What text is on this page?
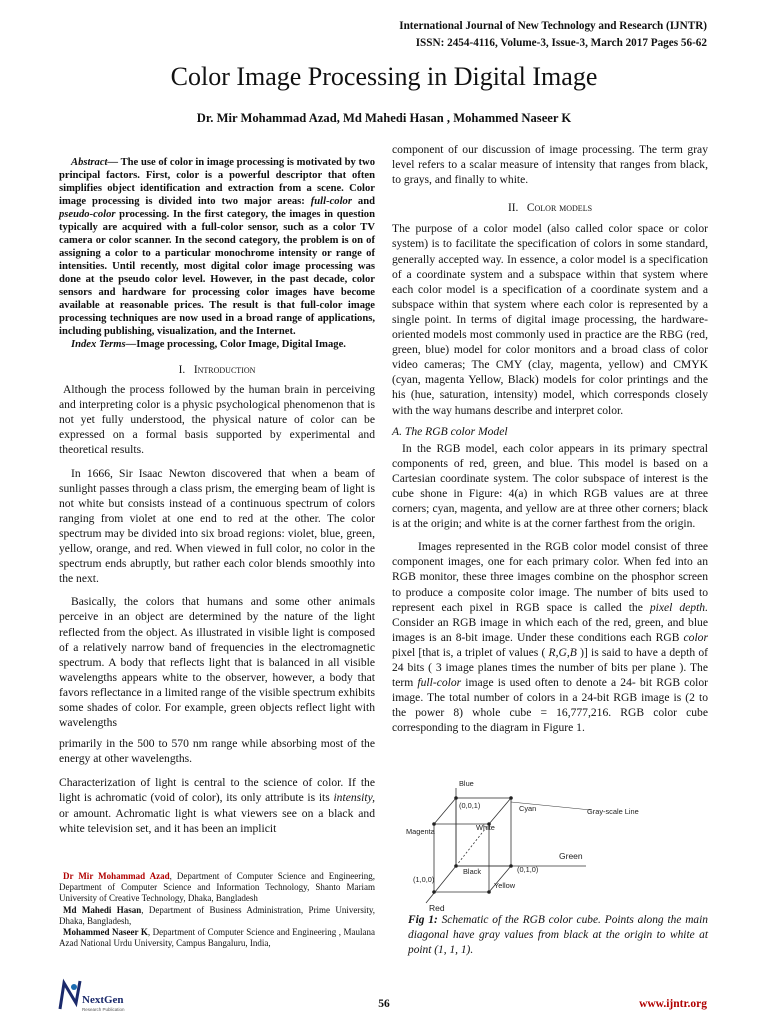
International Journal of New Technology and Research (IJNTR)
ISSN: 2454-4116, Volume-3, Issue-3, March 2017 Pages 56-62
Color Image Processing in Digital Image
Dr. Mir Mohammad Azad, Md Mahedi Hasan , Mohammed Naseer K

Abstract— The use of color in image processing is motivated by two principal factors. First, color is a powerful descriptor that often simplifies object identification and extraction from a scene. Color image processing is divided into two major areas: full-color and pseudo-color processing. In the first category, the images in question typically are acquired with a full-color sensor, such as a color TV camera or color scanner. In the second category, the problem is on of assigning a color to a particular monochrome intensity or range of intensities. Until recently, most digital color image processing was done at the pseudo color level. However, in the past decade, color sensors and hardware for processing color images have become available at reasonable prices. The result is that full-color image processing techniques are now used in a broad range of applications, including publishing, visualization, and the Internet.

Index Terms—Image processing, Color Image, Digital Image.

I. Introduction

Although the process followed by the human brain in perceiving and interpreting color is a physic psychological phenomenon that is not yet fully understood, the physical nature of color can be expressed on a formal basis supported by experimental and theoretical results.

In 1666, Sir Isaac Newton discovered that when a beam of sunlight passes through a class prism, the emerging beam of light is not white but consists instead of a continuous spectrum of colors ranging from violet at one end to red at the other. The color spectrum may be divided into six broad regions: violet, blue, green, yellow, orange, and red. When viewed in full color, no color in the spectrum ends abruptly, but rather each color blends smoothly into the next.

Basically, the colors that humans and some other animals perceive in an object are determined by the nature of the light reflected from the object. As illustrated in visible light is composed of a relatively narrow band of frequencies in the electromagnetic spectrum. A body that reflects light that is balanced in all visible wavelengths appears white to the observer, however, a body that favors reflectance in a limited range of the visible spectrum exhibits some shades of color. For example, green objects reflect light with wavelengths

primarily in the 500 to 570 nm range while absorbing most of the energy at other wavelengths.

Characterization of light is central to the science of color. If the light is achromatic (void of color), its only attribute is its intensity, or amount. Achromatic light is what viewers see on a black and white television set, and it has been an implicit

Dr Mir Mohammad Azad, Department of Computer Science and Engineering, Department of Computer Science and Information Technology, Shanto Mariam University of Creative Technology, Dhaka, Bangladesh

Md Mahedi Hasan, Department of Business Administration, Prime University, Dhaka, Bangladesh,

Mohammed Naseer K, Department of Computer Science and Engineering , Maulana Azad National Urdu University, Campus Bangaluru, India,

component of our discussion of image processing. The term gray level refers to a scalar measure of intensity that ranges from black, to grays, and finally to white.

II. Color models

The purpose of a color model (also called color space or color system) is to facilitate the specification of colors in some standard, generally accepted way. In essence, a color model is a specification of a coordinate system and a subspace within that system where each color model is a specification of a coordinate system and a subspace within that system where each color is represented by a single point. In terms of digital image processing, the hardware-oriented models most commonly used in practice are the RBG (red, green, blue) model for color monitors and a broad class of color video cameras; The CMY (clay, magenta, yellow) and CMYK (cyan, magenta Yellow, Black) models for color printings and the his (hue, saturation, intensity) model, which corresponds closely with the way humans describe and interpret color.

A. The RGB color Model

In the RGB model, each color appears in its primary spectral components of red, green, and blue. This model is based on a Cartesian coordinate system. The color subspace of interest is the cube shone in Figure: 4(a) in which RGB values are at three corners; cyan, magenta, and yellow are at three other corners; black is at the origin; and white is at the corner farthest from the origin.

Images represented in the RGB color model consist of three component images, one for each primary color. When fed into an RGB monitor, these three images combine on the phosphor screen to produce a composite color image. The number of bits used to represent each pixel in RGB space is called the pixel depth. Consider an RGB image in which each of the red, green, and blue images is an 8-bit image. Under these conditions each RGB color pixel [that is, a triplet of values ( R,G,B )] is said to have a depth of 24 bits ( 3 image planes times the number of bits per plane ). The term full-color image is used often to denote a 24- bit RGB color image. The total number of colors in a 24-bit RGB image is (2 to the power 8) whole cube = 16,777,216. RGB color cube corresponding to the diagram in Figure 1.

Blue
(0,0,1)	Cyan	Gray-scale Line
Magenta	White
Green
Black	(0,1,0)
(1,0,0)
Yellow
Red
Fig 1: Schematic of the RGB color cube. Points along the main diagonal have gray values from black at the origin to white at point (1, 1, 1).
NextGen
Research Publication	56	www.ijntr.org
